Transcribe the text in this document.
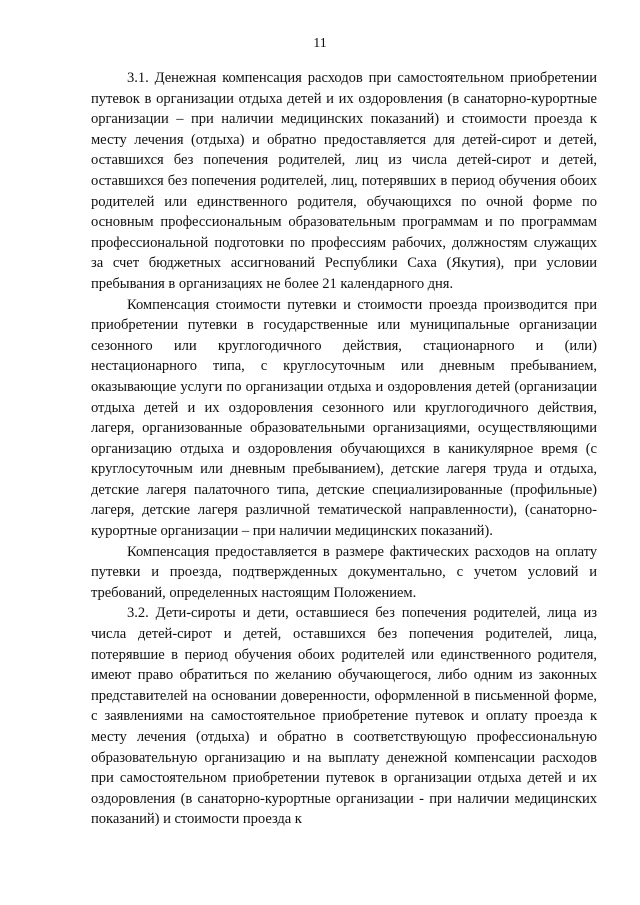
11

3.1. Денежная компенсация расходов при самостоятельном приобретении путевок в организации отдыха детей и их оздоровления (в санаторно-курортные организации – при наличии медицинских показаний) и стоимости проезда к месту лечения (отдыха) и обратно предоставляется для детей-сирот и детей, оставшихся без попечения родителей, лиц из числа детей-сирот и детей, оставшихся без попечения родителей, лиц, потерявших в период обучения обоих родителей или единственного родителя, обучающихся по очной форме по основным профессиональным образовательным программам и по программам профессиональной подготовки по профессиям рабочих, должностям служащих за счет бюджетных ассигнований Республики Саха (Якутия), при условии пребывания в организациях не более 21 календарного дня.

Компенсация стоимости путевки и стоимости проезда производится при приобретении путевки в государственные или муниципальные организации сезонного или круглогодичного действия, стационарного и (или) нестационарного типа, с круглосуточным или дневным пребыванием, оказывающие услуги по организации отдыха и оздоровления детей (организации отдыха детей и их оздоровления сезонного или круглогодичного действия, лагеря, организованные образовательными организациями, осуществляющими организацию отдыха и оздоровления обучающихся в каникулярное время (с круглосуточным или дневным пребыванием), детские лагеря труда и отдыха, детские лагеря палаточного типа, детские специализированные (профильные) лагеря, детские лагеря различной тематической направленности), (санаторно-курортные организации – при наличии медицинских показаний).

Компенсация предоставляется в размере фактических расходов на оплату путевки и проезда, подтвержденных документально, с учетом условий и требований, определенных настоящим Положением.

3.2. Дети-сироты и дети, оставшиеся без попечения родителей, лица из числа детей-сирот и детей, оставшихся без попечения родителей, лица, потерявшие в период обучения обоих родителей или единственного родителя, имеют право обратиться по желанию обучающегося, либо одним из законных представителей на основании доверенности, оформленной в письменной форме, с заявлениями на самостоятельное приобретение путевок и оплату проезда к месту лечения (отдыха) и обратно в соответствующую профессиональную образовательную организацию и на выплату денежной компенсации расходов при самостоятельном приобретении путевок в организации отдыха детей и их оздоровления (в санаторно-курортные организации - при наличии медицинских показаний) и стоимости проезда к
